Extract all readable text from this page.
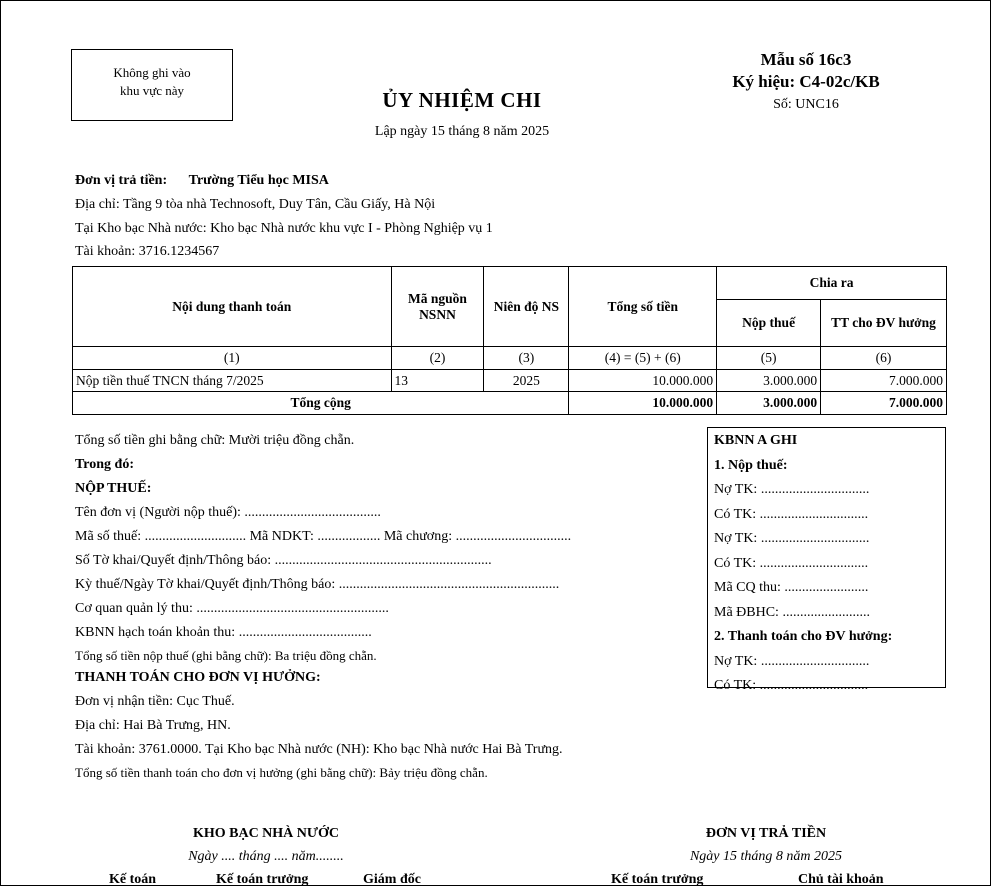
Không ghi vào
khu vực này	ỦY NHIỆM CHI
Lập ngày 15 tháng 8 năm 2025
Mẫu số 16c3
Ký hiệu: C4-02c/KB
Số: UNC16
Đơn vị trả tiền: Trường Tiểu học MISA
Địa chỉ: Tầng 9 tòa nhà Technosoft, Duy Tân, Cầu Giấy, Hà Nội
Tại Kho bạc Nhà nước: Kho bạc Nhà nước khu vực I - Phòng Nghiệp vụ 1
Tài khoản: 3716.1234567
Nội dung thanh toán	Mã nguồn NSNN	Niên độ NS	Tổng số tiền	Chia ra	
				Nộp thuế	TT cho ĐV hưởng
(1)	(2)	(3)	(4) = (5) + (6)	(5)	(6)
Nộp tiền thuế TNCN tháng 7/2025	13	2025	10.000.000	3.000.000	7.000.000
Tổng cộng			10.000.000	3.000.000	7.000.000
KBNN A GHI
1. Nộp thuế:
Nợ TK: ...............................
Có TK: ...............................
Nợ TK: ...............................
Có TK: ...............................
Mã CQ thu: ........................
Mã ĐBHC: .........................
2. Thanh toán cho ĐV hưởng:
Nợ TK: ...............................
Có TK: ...............................
Tổng số tiền ghi bằng chữ: Mười triệu đồng chẵn.
Trong đó:
NỘP THUẾ:
Tên đơn vị (Người nộp thuế): .......................................
Mã số thuế: ............................. Mã NDKT: .................. Mã chương: .................................
Số Tờ khai/Quyết định/Thông báo: ..............................................................
Kỳ thuế/Ngày Tờ khai/Quyết định/Thông báo: ...............................................................
Cơ quan quản lý thu: .......................................................
KBNN hạch toán khoản thu: ......................................
Tổng số tiền nộp thuế (ghi bằng chữ): Ba triệu đồng chẵn.
THANH TOÁN CHO ĐƠN VỊ HƯỞNG:
Đơn vị nhận tiền: Cục Thuế.
Địa chỉ: Hai Bà Trưng, HN.
Tài khoản: 3761.0000. Tại Kho bạc Nhà nước (NH): Kho bạc Nhà nước Hai Bà Trưng.
Tổng số tiền thanh toán cho đơn vị hưởng (ghi bằng chữ): Bảy triệu đồng chẵn.
KHO BẠC NHÀ NƯỚC
Ngày .... tháng .... năm........
Kế toán	Kế toán trưởng	Giám đốc
ĐƠN VỊ TRẢ TIỀN
Ngày 15 tháng 8 năm 2025
Kế toán trưởng	Chủ tài khoản
